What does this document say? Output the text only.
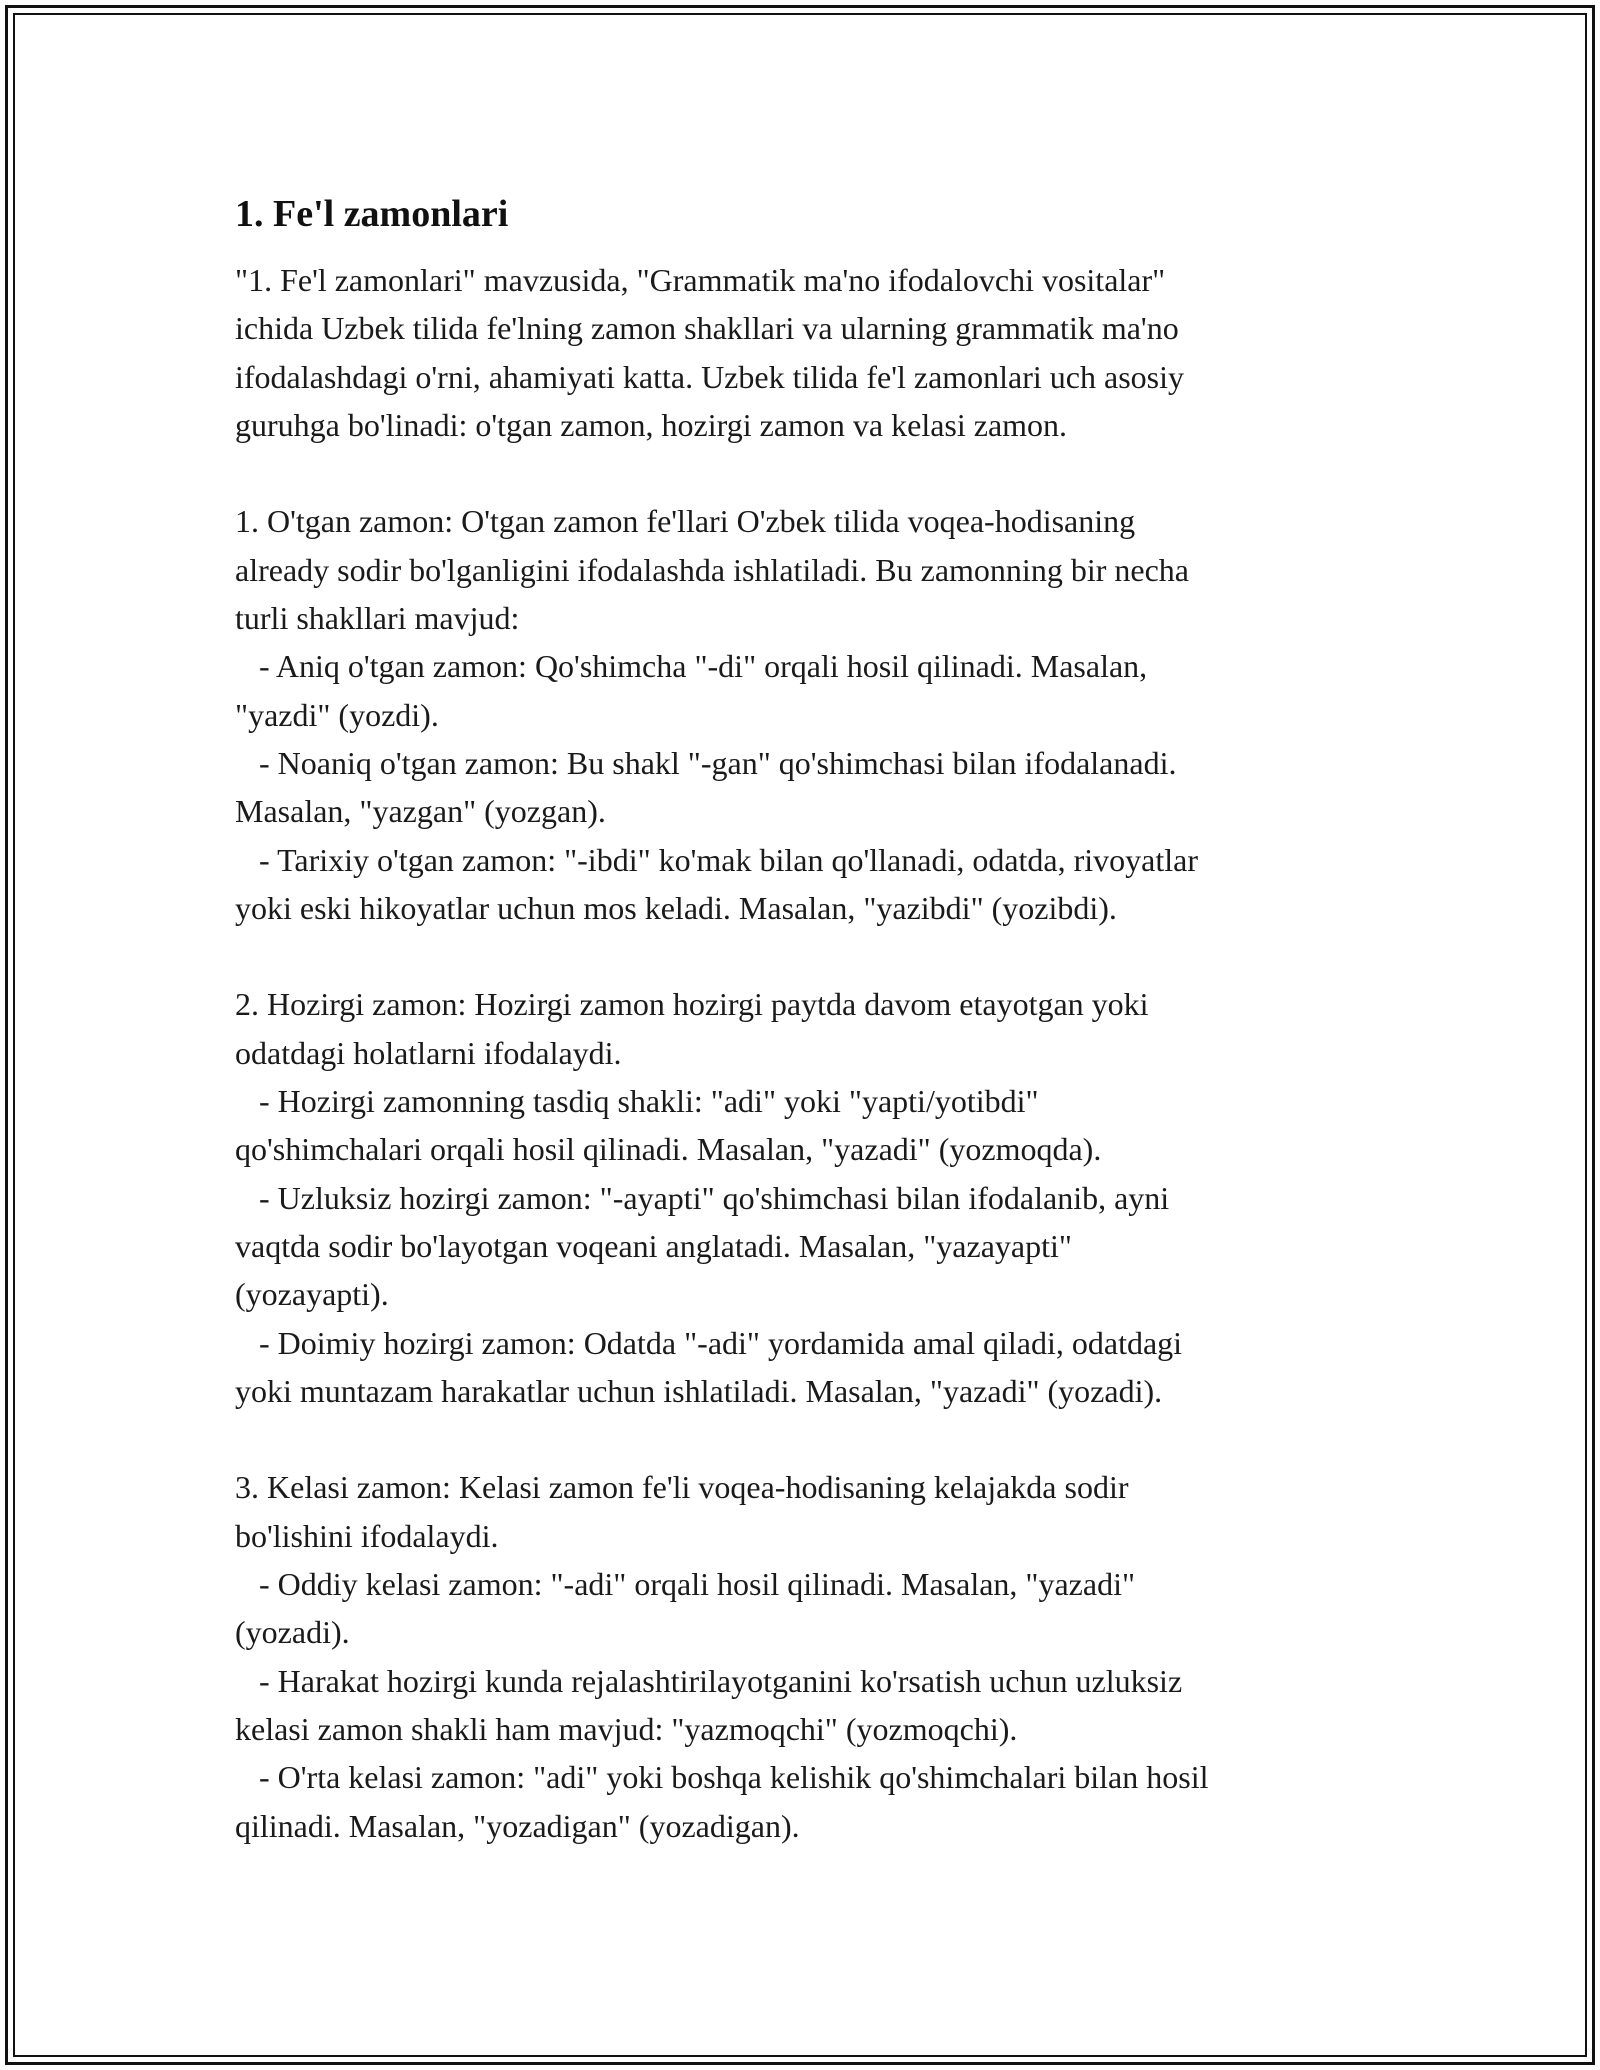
1. Fe'l zamonlari

"1. Fe'l zamonlari" mavzusida, "Grammatik ma'no ifodalovchi vositalar"
ichida Uzbek tilida fe'lning zamon shakllari va ularning grammatik ma'no
ifodalashdagi o'rni, ahamiyati katta. Uzbek tilida fe'l zamonlari uch asosiy
guruhga bo'linadi: o'tgan zamon, hozirgi zamon va kelasi zamon.

1. O'tgan zamon: O'tgan zamon fe'llari O'zbek tilida voqea-hodisaning
already sodir bo'lganligini ifodalashda ishlatiladi. Bu zamonning bir necha
turli shakllari mavjud:
- Aniq o'tgan zamon: Qo'shimcha "-di" orqali hosil qilinadi. Masalan,
"yazdi" (yozdi).
- Noaniq o'tgan zamon: Bu shakl "-gan" qo'shimchasi bilan ifodalanadi.
Masalan, "yazgan" (yozgan).
- Tarixiy o'tgan zamon: "-ibdi" ko'mak bilan qo'llanadi, odatda, rivoyatlar
yoki eski hikoyatlar uchun mos keladi. Masalan, "yazibdi" (yozibdi).

2. Hozirgi zamon: Hozirgi zamon hozirgi paytda davom etayotgan yoki
odatdagi holatlarni ifodalaydi.
- Hozirgi zamonning tasdiq shakli: "adi" yoki "yapti/yotibdi"
qo'shimchalari orqali hosil qilinadi. Masalan, "yazadi" (yozmoqda).
- Uzluksiz hozirgi zamon: "-ayapti" qo'shimchasi bilan ifodalanib, ayni
vaqtda sodir bo'layotgan voqeani anglatadi. Masalan, "yazayapti"
(yozayapti).
- Doimiy hozirgi zamon: Odatda "-adi" yordamida amal qiladi, odatdagi
yoki muntazam harakatlar uchun ishlatiladi. Masalan, "yazadi" (yozadi).

3. Kelasi zamon: Kelasi zamon fe'li voqea-hodisaning kelajakda sodir
bo'lishini ifodalaydi.
- Oddiy kelasi zamon: "-adi" orqali hosil qilinadi. Masalan, "yazadi"
(yozadi).
- Harakat hozirgi kunda rejalashtirilayotganini ko'rsatish uchun uzluksiz
kelasi zamon shakli ham mavjud: "yazmoqchi" (yozmoqchi).
- O'rta kelasi zamon: "adi" yoki boshqa kelishik qo'shimchalari bilan hosil
qilinadi. Masalan, "yozadigan" (yozadigan).
